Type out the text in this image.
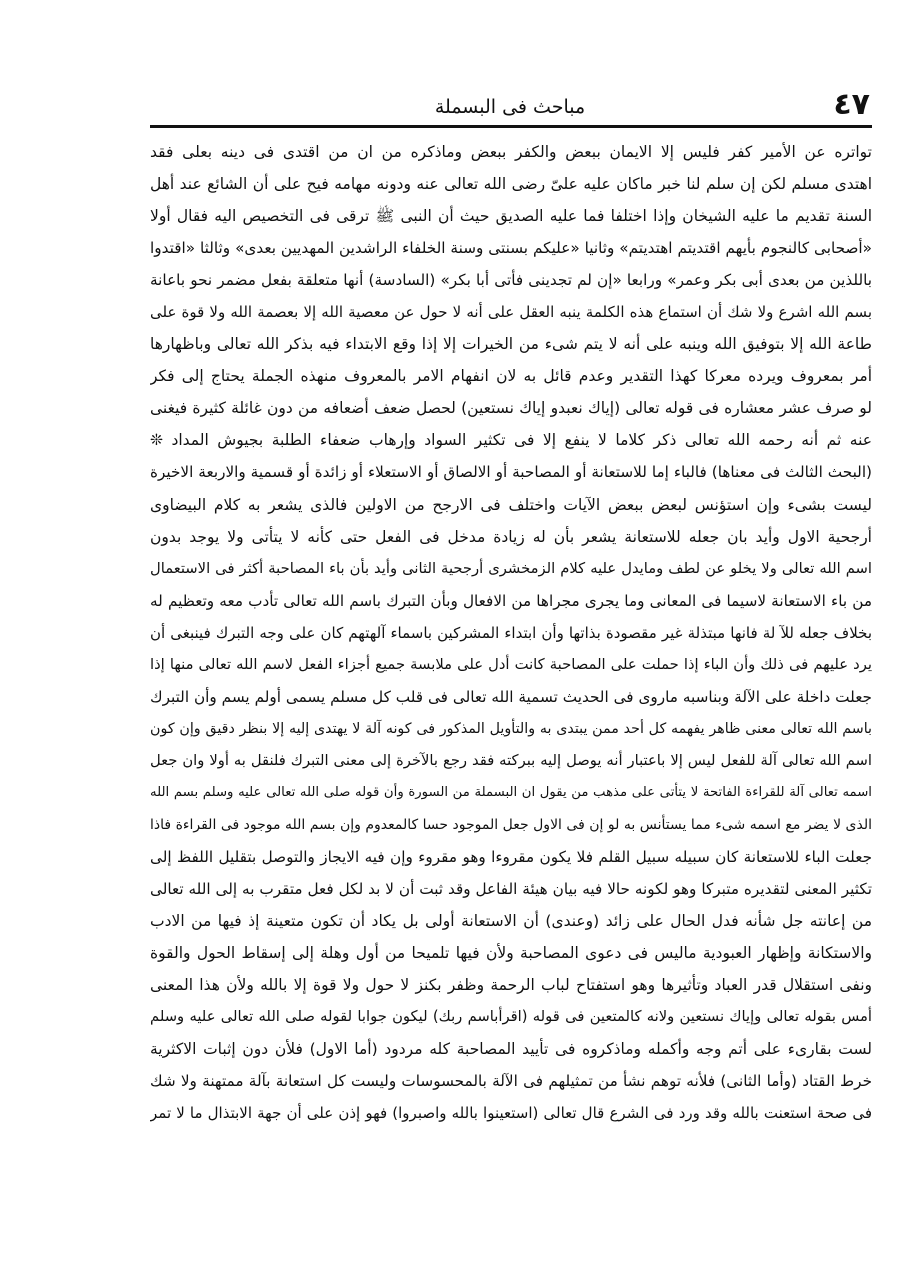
٤٧
مباحث فى البسملة
تواتره عن الأمير كفر فليس إلا الايمان ببعض والكفر ببعض وماذكره من ان من اقتدى فى دينه بعلى فقد
اهتدى مسلم لكن إن سلم لنا خبر ماكان عليه علىّ رضى الله تعالى عنه ودونه مهامه فيح على أن الشائع عند أهل
السنة تقديم ما عليه الشيخان وإذا اختلفا فما عليه الصديق حيث أن النبى ﷺ ترقى فى التخصيص اليه فقال أولا
«أصحابى كالنجوم بأيهم اقتديتم اهتديتم» وثانيا «عليكم بسنتى وسنة الخلفاء الراشدين المهديين بعدى» وثالثا «اقتدوا
باللذين من بعدى أبى بكر وعمر» ورابعا «إن لم تجدينى فأتى أبا بكر» (السادسة) أنها متعلقة بفعل مضمر نحو باعانة
بسم الله اشرع ولا شك أن استماع هذه الكلمة ينبه العقل على أنه لا حول عن معصية الله إلا بعصمة الله ولا قوة على
طاعة الله إلا بتوفيق الله وينبه على أنه لا يتم شىء من الخيرات إلا إذا وقع الابتداء فيه بذكر الله تعالى وباظهارها
أمر بمعروف ويرده معركا كهذا التقدير وعدم قائل به لان انفهام الامر بالمعروف منهذه الجملة يحتاج إلى فكر
لو صرف عشر معشاره فى قوله تعالى (إياك نعبدو إياك نستعين) لحصل ضعف أضعافه من دون غائلة كثيرة فيغنى
عنه ثم أنه رحمه الله تعالى ذكر كلاما لا ينفع إلا فى تكثير السواد وإرهاب ضعفاء الطلبة بجيوش المداد ❊
(البحث الثالث فى معناها) فالباء إما للاستعانة أو المصاحبة أو الالصاق أو الاستعلاء أو زائدة أو قسمية والاربعة الاخيرة
ليست بشىء وإن استؤنس لبعض ببعض الآيات واختلف فى الارجح من الاولين فالذى يشعر به كلام البيضاوى
أرجحية الاول وأيد بان جعله للاستعانة يشعر بأن له زيادة مدخل فى الفعل حتى كأنه لا يتأتى ولا يوجد بدون
اسم الله تعالى ولا يخلو عن لطف ومايدل عليه كلام الزمخشرى أرجحية الثانى وأيد بأن باء المصاحبة أكثر فى الاستعمال
من باء الاستعانة لاسيما فى المعانى وما يجرى مجراها من الافعال وبأن التبرك باسم الله تعالى تأدب معه وتعظيم له
بخلاف جعله للآ لة فانها مبتذلة غير مقصودة بذاتها وأن ابتداء المشركين باسماء آلهتهم كان على وجه التبرك فينبغى أن
يرد عليهم فى ذلك وأن الباء إذا حملت على المصاحبة كانت أدل على ملابسة جميع أجزاء الفعل لاسم الله تعالى منها إذا
جعلت داخلة على الآلة وبناسبه ماروى فى الحديث تسمية الله تعالى فى قلب كل مسلم يسمى أولم يسم وأن التبرك
باسم الله تعالى معنى ظاهر يفهمه كل أحد ممن يبتدى به والتأويل المذكور فى كونه آلة لا يهتدى إليه إلا بنظر دقيق وإن كون
اسم الله تعالى آلة للفعل ليس إلا باعتبار أنه يوصل إليه ببركته فقد رجع بالآخرة إلى معنى التبرك فلنقل به أولا وان جعل
اسمه تعالى آلة للقراءة الفاتحة لا يتأتى على مذهب من يقول ان البسملة من السورة وأن قوله صلى الله تعالى عليه وسلم بسم الله
الذى لا يضر مع اسمه شىء مما يستأنس به لو إن فى الاول جعل الموجود حسا كالمعدوم وإن بسم الله موجود فى القراءة فاذا
جعلت الباء للاستعانة كان سبيله سبيل القلم فلا يكون مقروءا وهو مقروء وإن فيه الايجاز والتوصل بتقليل اللفظ إلى
تكثير المعنى لتقديره متبركا وهو لكونه حالا فيه بيان هيئة الفاعل وقد ثبت أن لا بد لكل فعل متقرب به إلى الله تعالى
من إعانته جل شأنه فدل الحال على زائد (وعندى) أن الاستعانة أولى بل يكاد أن تكون متعينة إذ فيها من الادب
والاستكانة وإظهار العبودية ماليس فى دعوى المصاحبة ولأن فيها تلميحا من أول وهلة إلى إسقاط الحول والقوة
ونفى استقلال قدر العباد وتأثيرها وهو استفتاح لباب الرحمة وظفر بكنز لا حول ولا قوة إلا بالله ولأن هذا المعنى
أمس بقوله تعالى وإياك نستعين ولانه كالمتعين فى قوله (اقرأباسم ربك) ليكون جوابا لقوله صلى الله تعالى عليه وسلم
لست بقارىء على أتم وجه وأكمله وماذكروه فى تأييد المصاحبة كله مردود (أما الاول) فلأن دون إثبات الاكثرية
خرط القتاد (وأما الثانى) فلأنه توهم نشأ من تمثيلهم فى الآلة بالمحسوسات وليست كل استعانة بآلة ممتهنة ولا شك
فى صحة استعنت بالله وقد ورد فى الشرع قال تعالى (استعينوا بالله واصبروا) فهو إذن على أن جهة الابتذال ما لا تمر
